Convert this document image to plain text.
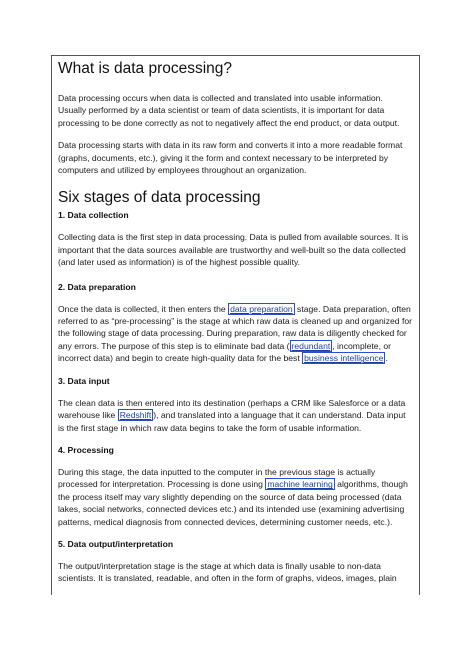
What is data processing?

Data processing occurs when data is collected and translated into usable information. Usually performed by a data scientist or team of data scientists, it is important for data processing to be done correctly as not to negatively affect the end product, or data output.

Data processing starts with data in its raw form and converts it into a more readable format (graphs, documents, etc.), giving it the form and context necessary to be interpreted by computers and utilized by employees throughout an organization.

Six stages of data processing
1. Data collection

Collecting data is the first step in data processing. Data is pulled from available sources. It is important that the data sources available are trustworthy and well-built so the data collected (and later used as information) is of the highest possible quality.

2. Data preparation

Once the data is collected, it then enters the data preparation stage. Data preparation, often referred to as “pre-processing” is the stage at which raw data is cleaned up and organized for the following stage of data processing. During preparation, raw data is diligently checked for any errors. The purpose of this step is to eliminate bad data ( redundant , incomplete, or incorrect data) and begin to create high-quality data for the best business intelligence .

3. Data input

The clean data is then entered into its destination (perhaps a CRM like Salesforce or a data warehouse like Redshift ), and translated into a language that it can understand. Data input is the first stage in which raw data begins to take the form of usable information.

4. Processing

During this stage, the data inputted to the computer in the previous stage is actually processed for interpretation. Processing is done using machine learning algorithms, though the process itself may vary slightly depending on the source of data being processed (data lakes, social networks, connected devices etc.) and its intended use (examining advertising patterns, medical diagnosis from connected devices, determining customer needs, etc.).

5. Data output/interpretation

The output/interpretation stage is the stage at which data is finally usable to non-data scientists. It is translated, readable, and often in the form of graphs, videos, images, plain
